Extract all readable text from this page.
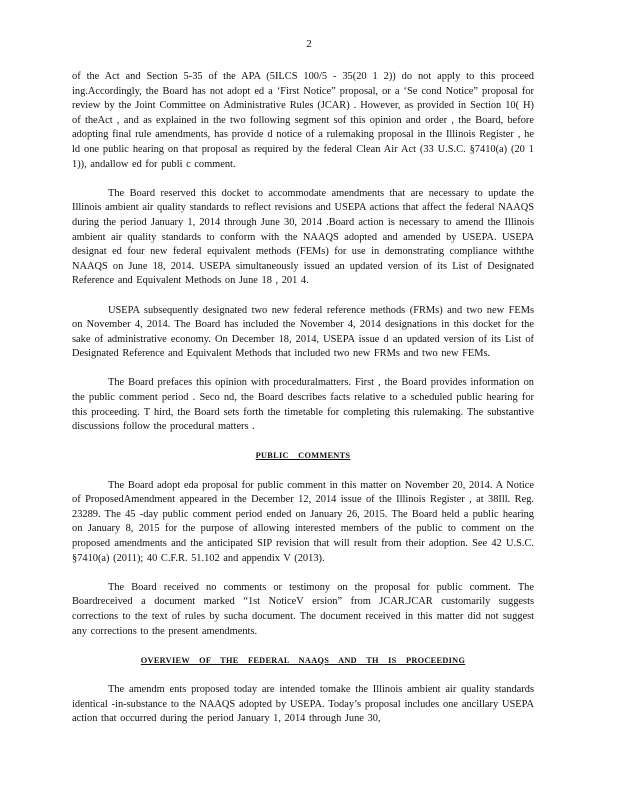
2

of the Act and Section 5-35 of the APA (5ILCS 100/5 - 35(20 1 2)) do not apply to this proceed ing.Accordingly, the Board has not adopt ed a ‘First Notice” proposal, or a ‘Se cond Notice” proposal for review by the Joint Committee on Administrative Rules (JCAR) . However, as provided in Section 10( H) of theAct , and as explained in the two following segment sof this opinion and order , the Board, before adopting final rule amendments, has provide d notice of a rulemaking proposal in the Illinois Register , he ld one public hearing on that proposal as required by the federal Clean Air Act (33 U.S.C. §7410(a) (20 1 1)), andallow ed for publi c comment.

The Board reserved this docket to accommodate amendments that are necessary to update the Illinois ambient air quality standards to reflect revisions and USEPA actions that affect the federal NAAQS during the period January 1, 2014 through June 30, 2014 .Board action is necessary to amend the Illinois ambient air quality standards to conform with the NAAQS adopted and amended by USEPA. USEPA designat ed four new federal equivalent methods (FEMs) for use in demonstrating compliance withthe NAAQS on June 18, 2014. USEPA simultaneously issued an updated version of its List of Designated Reference and Equivalent Methods on June 18 , 201 4.

USEPA subsequently designated two new federal reference methods (FRMs) and two new FEMs on November 4, 2014. The Board has included the November 4, 2014 designations in this docket for the sake of administrative economy. On December 18, 2014, USEPA issue d an updated version of its List of Designated Reference and Equivalent Methods that included two new FRMs and two new FEMs.

The Board prefaces this opinion with proceduralmatters. First , the Board provides information on the public comment period . Seco nd, the Board describes facts relative to a scheduled public hearing for this proceeding. T hird, the Board sets forth the timetable for completing this rulemaking. The substantive discussions follow the procedural matters .

PUBLIC COMMENTS

The Board adopt eda proposal for public comment in this matter on November 20, 2014. A Notice of ProposedAmendment appeared in the December 12, 2014 issue of the Illinois Register , at 38Ill. Reg. 23289. The 45 -day public comment period ended on January 26, 2015. The Board held a public hearing on January 8, 2015 for the purpose of allowing interested members of the public to comment on the proposed amendments and the anticipated SIP revision that will result from their adoption. See 42 U.S.C. §7410(a) (2011); 40 C.F.R. 51.102 and appendix V (2013).

The Board received no comments or testimony on the proposal for public comment. The Boardreceived a document marked “1st NoticeV ersion” from JCAR.JCAR customarily suggests corrections to the text of rules by sucha document. The document received in this matter did not suggest any corrections to the present amendments.

OVERVIEW OF THE FEDERAL NAAQS AND TH IS PROCEEDING

The amendm ents proposed today are intended tomake the Illinois ambient air quality standards identical -in-substance to the NAAQS adopted by USEPA. Today’s proposal includes one ancillary USEPA action that occurred during the period January 1, 2014 through June 30,
